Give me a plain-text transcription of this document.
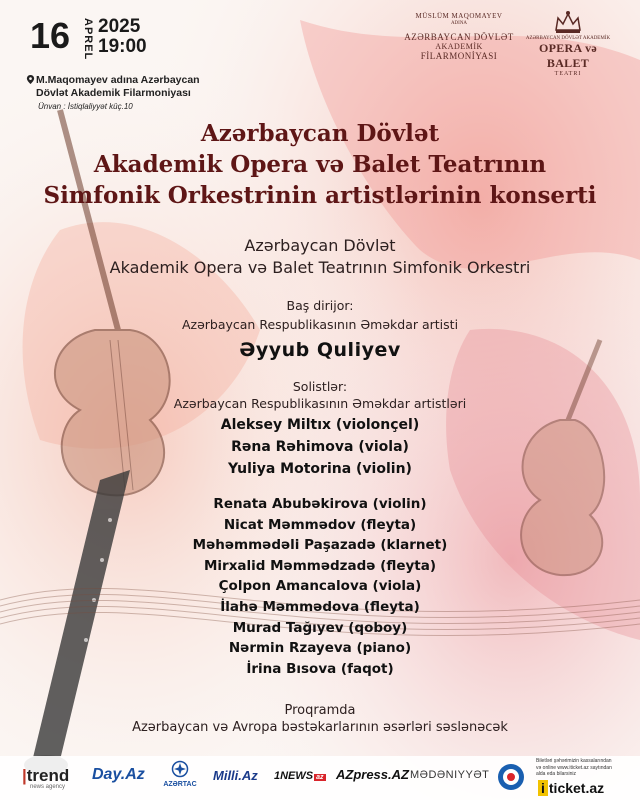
16 APREL 2025
19:00
M.Maqomayev adına Azərbaycan
Dövlət Akademik Filarmoniyası
Ünvan : İstiqlaliyyət küç.10
MÜSLÜM MAQOMAYEV
ADINA
AZƏRBAYCAN DÖVLƏT
AKADEMİK
FİLARMONİYASI
AZƏRBAYCAN DÖVLƏT AKADEMİK
OPERA və BALET
TEATRI
Azərbaycan Dövlət
Akademik Opera və Balet Teatrının
Simfonik Orkestrinin artistlərinin konserti
Azərbaycan Dövlət
Akademik Opera və Balet Teatrının Simfonik Orkestri
Baş dirijor:
Azərbaycan Respublikasının Əməkdar artisti
Əyyub Quliyev
Solistlər:
Azərbaycan Respublikasının Əməkdar artistləri
Aleksey Miltıx (violonçel)
Rəna Rəhimova (viola)
Yuliya Motorina (violin)
Renata Abubəkirova (violin)
Nicat Məmmədov (fleyta)
Məhəmmədəli Paşazadə (klarnet)
Mirxalid Məmmədzadə (fleyta)
Çolpon Amancalova (viola)
İlahə Məmmədova (fleyta)
Murad Tağıyev (qoboy)
Nərmin Rzayeva (piano)
İrina Bısova (faqot)
Proqramda
Azərbaycan və Avropa bəstəkarlarının əsərləri səslənəcək
|trend
news agency
Day.Az
AZƏRTAC
Milli.Az 1NEWS az AZpress.AZ MƏDƏNIYYƏT
Biletləri şəhərimizin kassalarından
və online www.iticket.az saytından
alda eda bilarsiniz
i ticket.az
